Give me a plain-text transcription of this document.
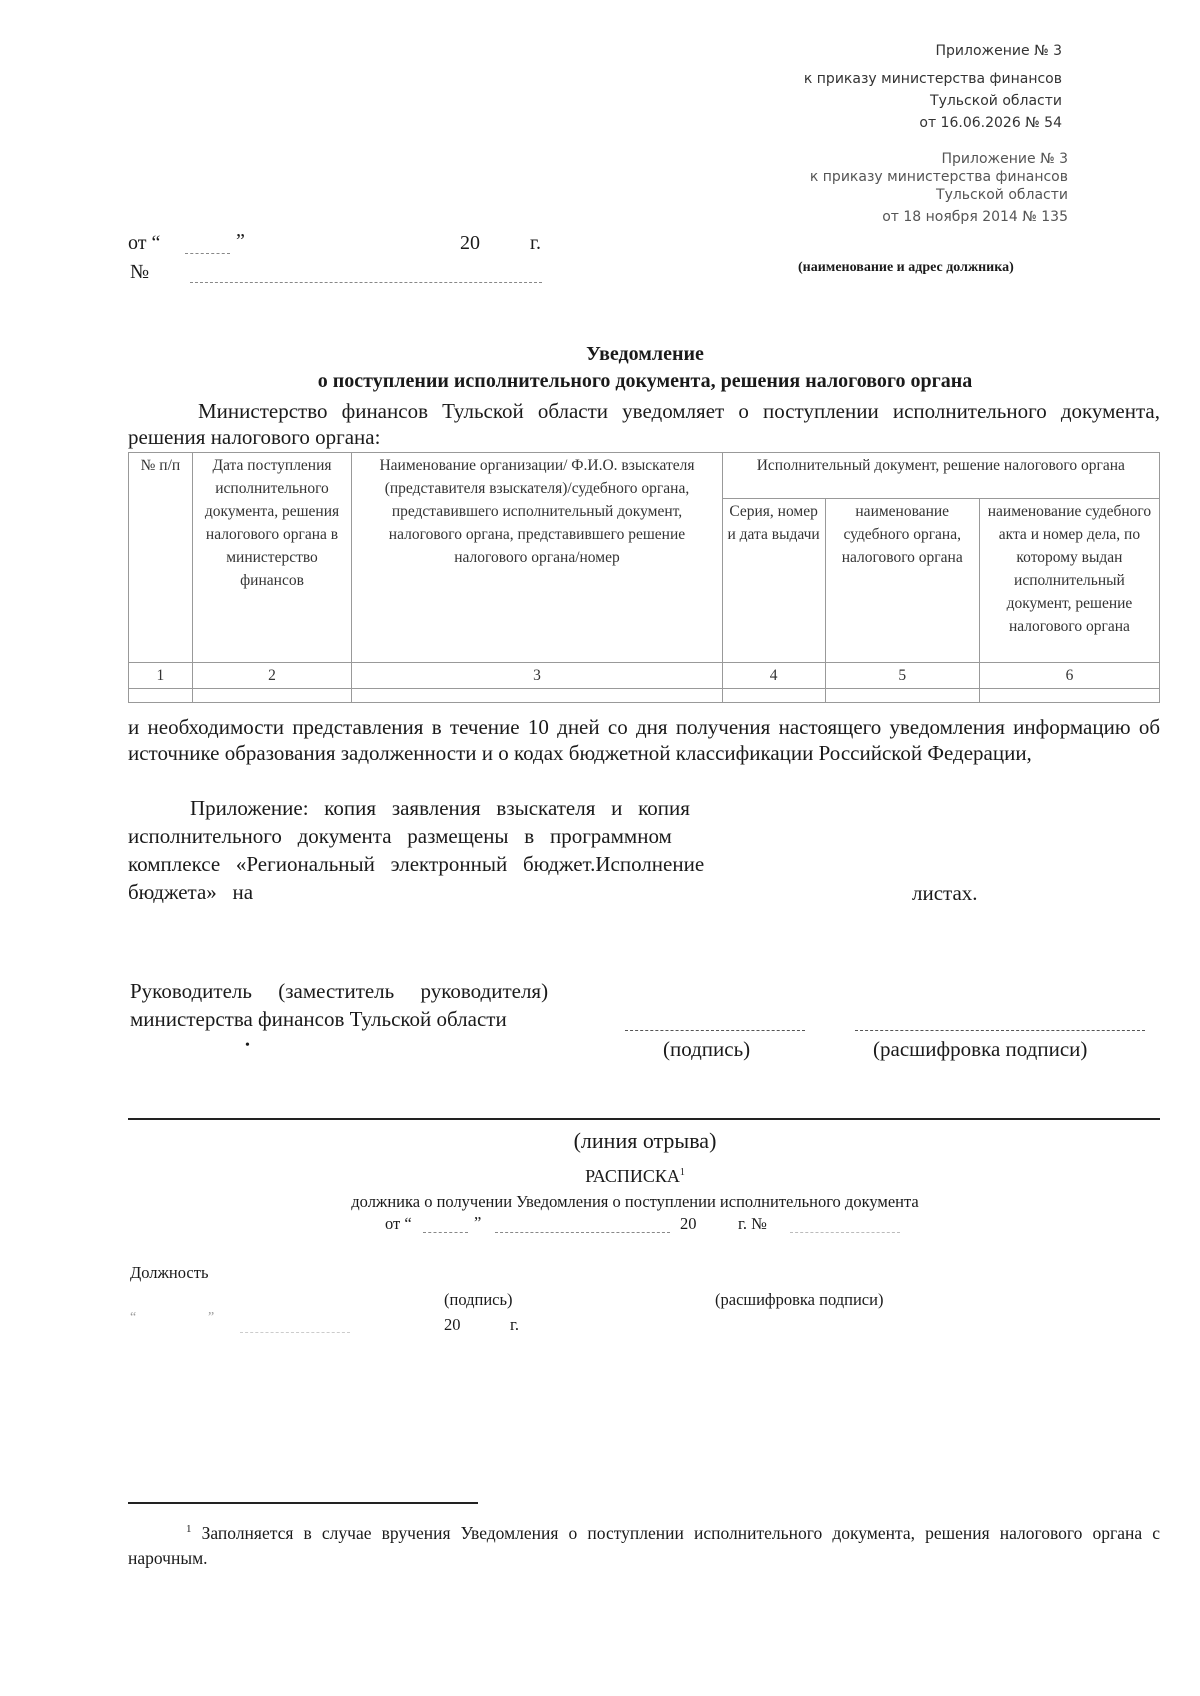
Приложение № 3
к приказу министерства финансов
Тульской области
от 16.06.2026 № 54
Приложение № 3
к приказу министерства финансов
Тульской области
от 18 ноября 2014 № 135
от “	”	20	г.
№	(наименование и адрес должника)
Уведомление
о поступлении исполнительного документа, решения налогового органа
Министерство финансов Тульской области уведомляет о поступлении исполнительного документа, решения налогового органа:
№ п/п	Дата поступления исполнительного документа, решения налогового органа в министерство финансов	Наименование организации/ Ф.И.О. взыскателя (представителя взыскателя)/судебного органа, представившего исполнительный документ, налогового органа, представившего решение налогового органа/номер	Исполнительный документ, решение налогового органа		
			Серия, номер и дата выдачи	наименование судебного органа, налогового органа	наименование судебного акта и номер дела, по которому выдан исполнительный документ, решение налогового органа
1	2	3	4	5	6

и необходимости представления в течение 10 дней со дня получения настоящего уведомления информацию об источнике образования задолженности и о кодах бюджетной классификации Российской Федерации,
Приложение:   копия   заявления   взыскателя   и   копия
исполнительного   документа   размещены   в   программном
комплексе   «Региональный   электронный   бюджет.Исполнение
бюджета»   на	листах.
Руководитель     (заместитель     руководителя)
министерства финансов Тульской области
•	(подпись)	(расшифровка подписи)
(линия отрыва)
РАСПИСКА$^1$
должника о получении Уведомления о поступлении исполнительного документа
от “	”	20	г. №
Должность
(подпись)	(расшифровка подписи)
“	”	20	г.
$^1$ Заполняется в случае вручения Уведомления о поступлении исполнительного документа, решения налогового органа с нарочным.
